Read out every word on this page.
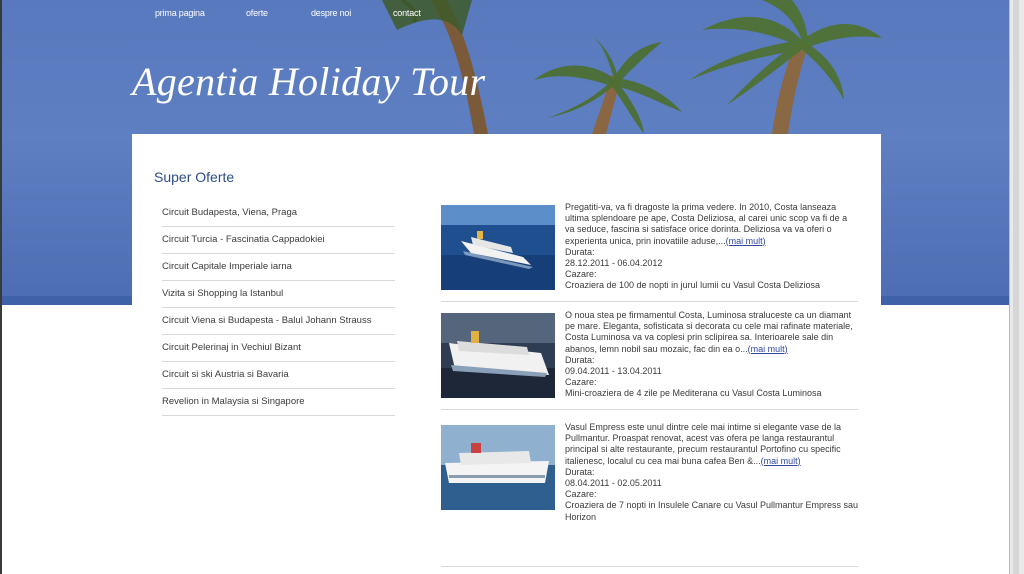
prima pagina	oferte	despre noi	contact
Agentia Holiday Tour
Super Oferte
Circuit Budapesta, Viena, Praga
Circuit Turcia - Fascinatia Cappadokiei
Circuit Capitale Imperiale iarna
Vizita si Shopping la Istanbul
Circuit Viena si Budapesta - Balul Johann Strauss
Circuit Pelerinaj in Vechiul Bizant
Circuit si ski Austria si Bavaria
Revelion in Malaysia si Singapore
Pregatiti-va, va fi dragoste la prima vedere. In 2010, Costa lanseaza ultima splendoare pe ape, Costa Deliziosa, al carei unic scop va fi de a va seduce, fascina si satisface orice dorinta. Deliziosa va va oferi o experienta unica, prin inovatiile aduse,...(mai mult)
Durata:
28.12.2011 - 06.04.2012
Cazare:
Croaziera de 100 de nopti in jurul lumii cu Vasul Costa Deliziosa
O noua stea pe firmamentul Costa, Luminosa straluceste ca un diamant pe mare. Eleganta, sofisticata si decorata cu cele mai rafinate materiale, Costa Luminosa va va coplesi prin sclipirea sa. Interioarele sale din abanos, lemn nobil sau mozaic, fac din ea o...(mai mult)
Durata:
09.04.2011 - 13.04.2011
Cazare:
Mini-croaziera de 4 zile pe Mediterana cu Vasul Costa Luminosa
Vasul Empress este unul dintre cele mai intime si elegante vase de la Pullmantur. Proaspat renovat, acest vas ofera pe langa restaurantul principal si alte restaurante, precum restaurantul Portofino cu specific italienesc, localul cu cea mai buna cafea Ben &...(mai mult)
Durata:
08.04.2011 - 02.05.2011
Cazare:
Croaziera de 7 nopti in Insulele Canare cu Vasul Pullmantur Empress sau Horizon
